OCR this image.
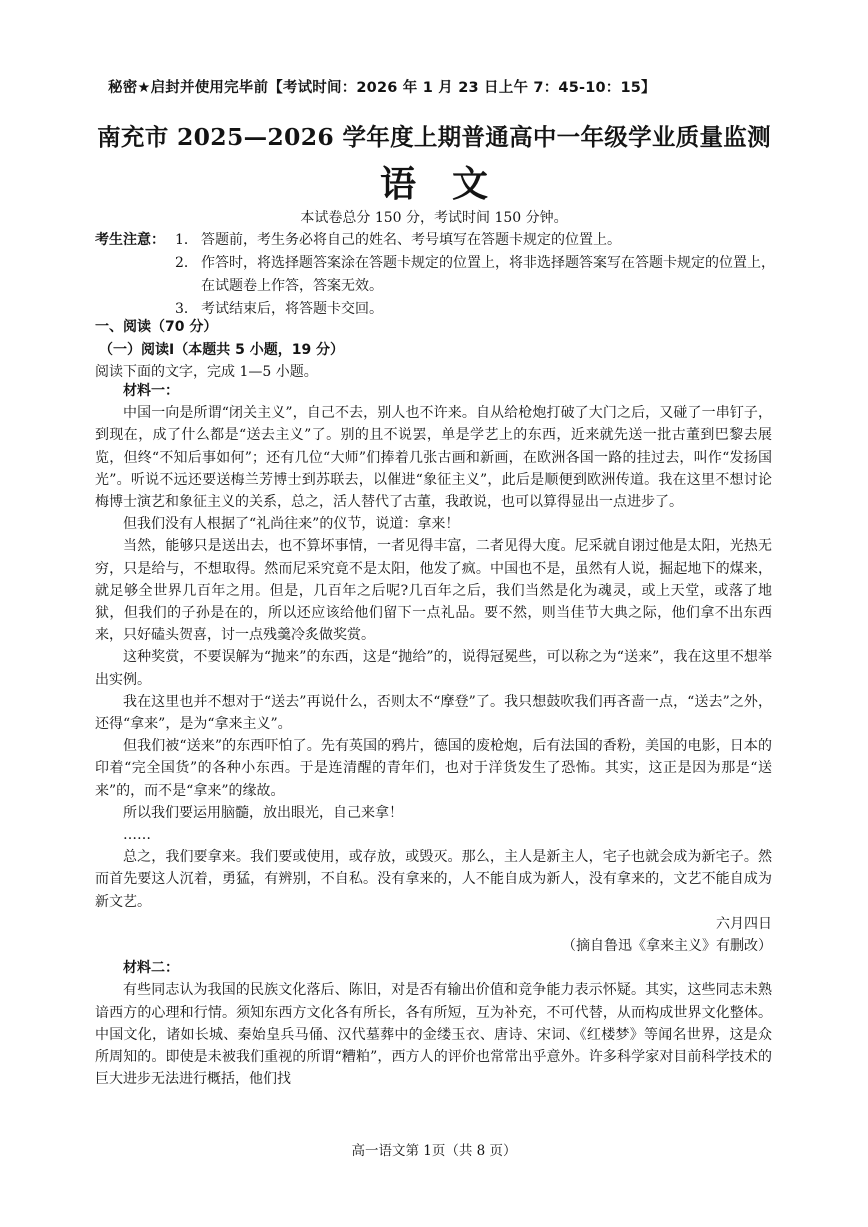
秘密★启封并使用完毕前【考试时间：2026 年 1 月 23 日上午 7：45-10：15】
南充市 2025—2026 学年度上期普通高中一年级学业质量监测
语　文
本试卷总分 150 分，考试时间 150 分钟。
考生注意： 1． 答题前，考生务必将自己的姓名、考号填写在答题卡规定的位置上。
2． 作答时，将选择题答案涂在答题卡规定的位置上，将非选择题答案写在答题卡规定的位置上，在试题卷上作答，答案无效。
3． 考试结束后，将答题卡交回。
一、阅读（70 分）
（一）阅读Ⅰ（本题共 5 小题，19 分）
阅读下面的文字，完成 1—5 小题。

材料一：

中国一向是所谓“闭关主义”，自己不去，别人也不许来。自从给枪炮打破了大门之后，又碰了一串钉子，到现在，成了什么都是“送去主义”了。别的且不说罢，单是学艺上的东西，近来就先送一批古董到巴黎去展览，但终“不知后事如何”；还有几位“大师”们捧着几张古画和新画，在欧洲各国一路的挂过去，叫作“发扬国光”。听说不远还要送梅兰芳博士到苏联去，以催进“象征主义”，此后是顺便到欧洲传道。我在这里不想讨论梅博士演艺和象征主义的关系，总之，活人替代了古董，我敢说，也可以算得显出一点进步了。

但我们没有人根据了“礼尚往来”的仪节，说道：拿来！

当然，能够只是送出去，也不算坏事情，一者见得丰富，二者见得大度。尼采就自诩过他是太阳，光热无穷，只是给与，不想取得。然而尼采究竟不是太阳，他发了疯。中国也不是，虽然有人说，掘起地下的煤来，就足够全世界几百年之用。但是，几百年之后呢?几百年之后，我们当然是化为魂灵，或上天堂，或落了地狱，但我们的子孙是在的，所以还应该给他们留下一点礼品。要不然，则当佳节大典之际，他们拿不出东西来，只好磕头贺喜，讨一点残羹冷炙做奖赏。

这种奖赏，不要误解为“抛来”的东西，这是“抛给”的，说得冠冕些，可以称之为“送来”，我在这里不想举出实例。

我在这里也并不想对于“送去”再说什么，否则太不“摩登”了。我只想鼓吹我们再吝啬一点，“送去”之外，还得“拿来”，是为“拿来主义”。

但我们被“送来”的东西吓怕了。先有英国的鸦片，德国的废枪炮，后有法国的香粉，美国的电影，日本的印着“完全国货”的各种小东西。于是连清醒的青年们，也对于洋货发生了恐怖。其实，这正是因为那是“送来”的，而不是“拿来”的缘故。

所以我们要运用脑髓，放出眼光，自己来拿！

……

总之，我们要拿来。我们要或使用，或存放，或毁灭。那么，主人是新主人，宅子也就会成为新宅子。然而首先要这人沉着，勇猛，有辨别，不自私。没有拿来的，人不能自成为新人，没有拿来的，文艺不能自成为新文艺。

六月四日

（摘自鲁迅《拿来主义》有删改）

材料二：

有些同志认为我国的民族文化落后、陈旧，对是否有输出价值和竞争能力表示怀疑。其实，这些同志未熟谙西方的心理和行情。须知东西方文化各有所长，各有所短，互为补充，不可代替，从而构成世界文化整体。中国文化，诸如长城、秦始皇兵马俑、汉代墓葬中的金缕玉衣、唐诗、宋词、《红楼梦》等闻名世界，这是众所周知的。即使是未被我们重视的所谓“糟粕”，西方人的评价也常常出乎意外。许多科学家对目前科学技术的巨大进步无法进行概括，他们找

高一语文第 1页（共 8 页）
